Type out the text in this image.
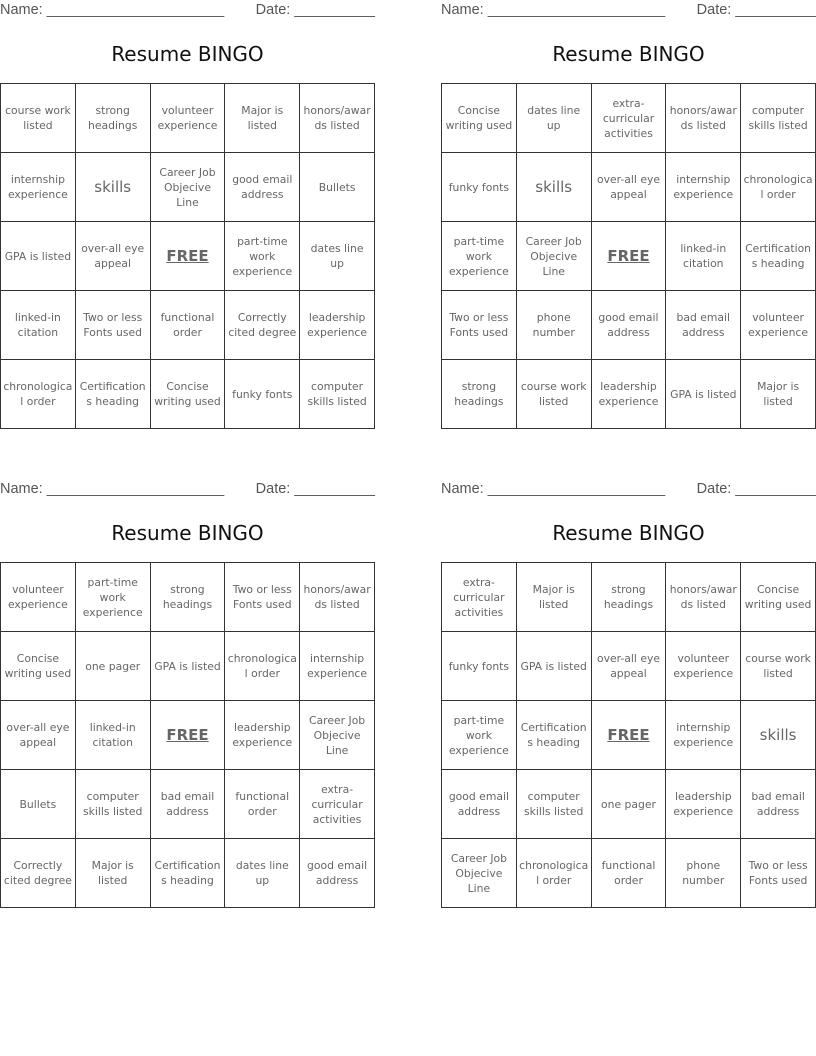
Name: ______________________ Date: __________
Resume BINGO
course work listed	strong headings	volunteer experience	Major is listed	honors/awards listed
internship experience	skills	Career Job Objecive Line	good email address	Bullets
GPA is listed	over-all eye appeal	FREE	part-time work experience	dates line up
linked-in citation	Two or less Fonts used	functional order	Correctly cited degree	leadership experience
chronological order	Certifications heading	Concise writing used	funky fonts	computer skills listed
Name: ______________________ Date: __________
Resume BINGO
Concise writing used	dates line up	extra-curricular activities	honors/awards listed	computer skills listed
funky fonts	skills	over-all eye appeal	internship experience	chronological order
part-time work experience	Career Job Objecive Line	FREE	linked-in citation	Certifications heading
Two or less Fonts used	phone number	good email address	bad email address	volunteer experience
strong headings	course work listed	leadership experience	GPA is listed	Major is listed
Name: ______________________ Date: __________
Resume BINGO
volunteer experience	part-time work experience	strong headings	Two or less Fonts used	honors/awards listed
Concise writing used	one pager	GPA is listed	chronological order	internship experience
over-all eye appeal	linked-in citation	FREE	leadership experience	Career Job Objecive Line
Bullets	computer skills listed	bad email address	functional order	extra-curricular activities
Correctly cited degree	Major is listed	Certifications heading	dates line up	good email address
Name: ______________________ Date: __________
Resume BINGO
extra-curricular activities	Major is listed	strong headings	honors/awards listed	Concise writing used
funky fonts	GPA is listed	over-all eye appeal	volunteer experience	course work listed
part-time work experience	Certifications heading	FREE	internship experience	skills
good email address	computer skills listed	one pager	leadership experience	bad email address
Career Job Objecive Line	chronological order	functional order	phone number	Two or less Fonts used
